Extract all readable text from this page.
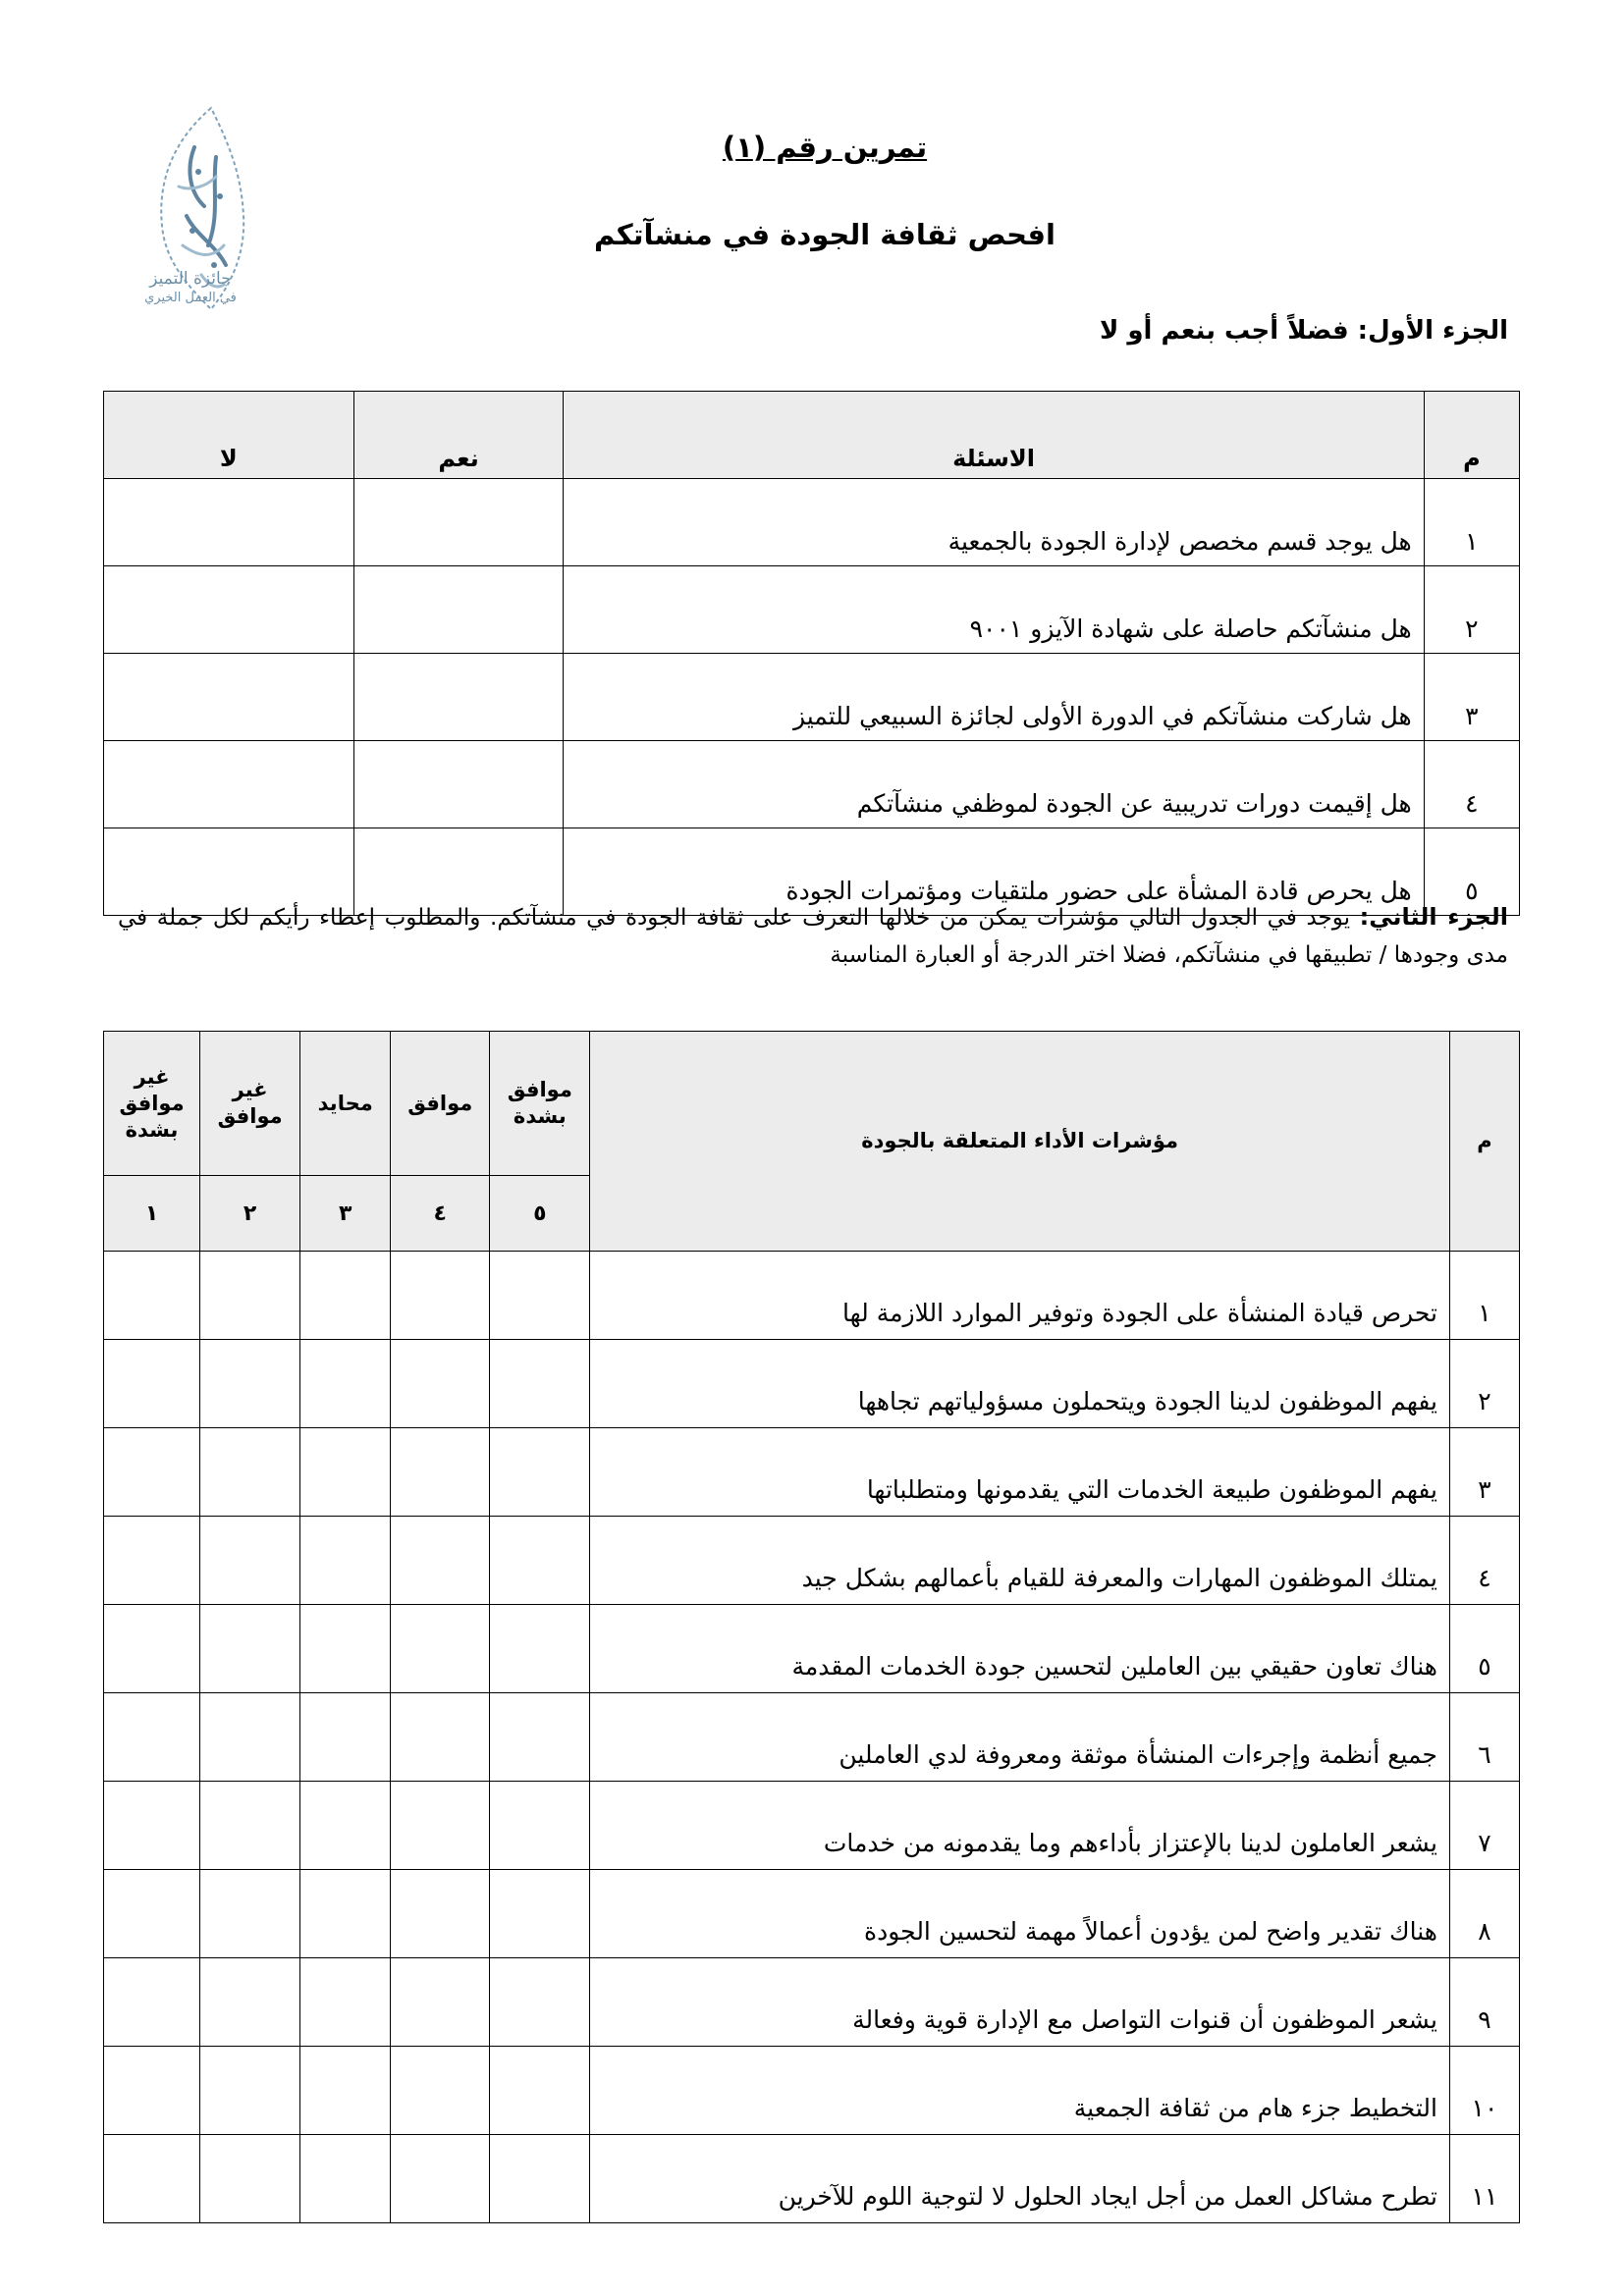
جائزة التميز
في العمل الخيري
تمرين رقم (١)
افحص ثقافة الجودة في منشآتكم
الجزء الأول: فضلاً أجب بنعم أو لا
م	الاسئلة	نعم	لا
١	هل يوجد قسم مخصص لإدارة الجودة بالجمعية		
٢	هل منشآتكم حاصلة على شهادة الآيزو ٩٠٠١		
٣	هل شاركت منشآتكم في الدورة الأولى لجائزة السبيعي للتميز		
٤	هل إقيمت دورات تدريبية عن الجودة لموظفي منشآتكم		
٥	هل يحرص قادة المشأة على حضور ملتقيات ومؤتمرات الجودة		
الجزء الثاني: يوجد في الجدول التالي مؤشرات يمكن من خلالها التعرف على ثقافة الجودة في منشآتكم. والمطلوب إعطاء رأيكم لكل جملة في مدى وجودها / تطبيقها في منشآتكم، فضلا اختر الدرجة أو العبارة المناسبة
م	مؤشرات الأداء المتعلقة بالجودة	موافق بشدة	موافق	محايد	غير موافق	غير موافق بشدة
		٥	٤	٣	٢	١
١	تحرص قيادة المنشأة على الجودة وتوفير الموارد اللازمة لها					
٢	يفهم الموظفون لدينا الجودة ويتحملون مسؤولياتهم تجاهها					
٣	يفهم الموظفون طبيعة الخدمات التي يقدمونها ومتطلباتها					
٤	يمتلك الموظفون المهارات والمعرفة للقيام بأعمالهم بشكل جيد					
٥	هناك تعاون حقيقي بين العاملين لتحسين جودة الخدمات المقدمة					
٦	جميع أنظمة وإجرءات المنشأة موثقة ومعروفة لدي العاملين					
٧	يشعر العاملون لدينا بالإعتزاز بأداءهم وما يقدمونه من خدمات					
٨	هناك تقدير واضح لمن يؤدون أعمالاً مهمة لتحسين الجودة					
٩	يشعر الموظفون أن قنوات التواصل مع الإدارة قوية وفعالة					
١٠	التخطيط جزء هام من ثقافة الجمعية					
١١	تطرح مشاكل العمل من أجل ايجاد الحلول لا لتوجية اللوم للآخرين					
